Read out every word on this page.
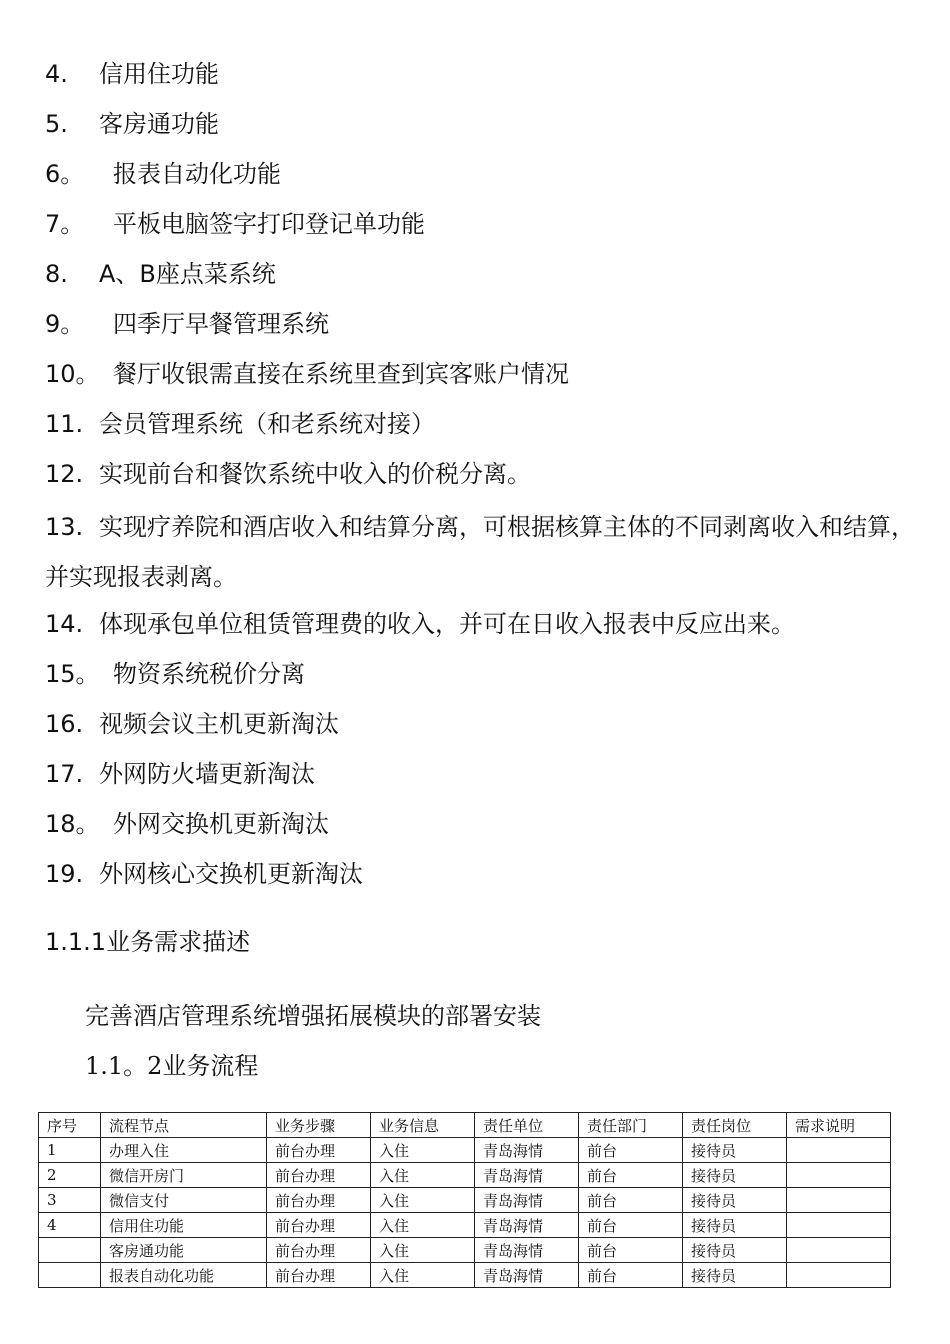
4. 信用住功能
5. 客房通功能
6。 报表自动化功能
7。 平板电脑签字打印登记单功能
8. A、B座点菜系统
9。 四季厅早餐管理系统
10。 餐厅收银需直接在系统里查到宾客账户情况
11. 会员管理系统（和老系统对接）
12. 实现前台和餐饮系统中收入的价税分离。
13. 实现疗养院和酒店收入和结算分离，可根据核算主体的不同剥离收入和结算，并实现报表剥离。
14. 体现承包单位租赁管理费的收入，并可在日收入报表中反应出来。
15。 物资系统税价分离
16. 视频会议主机更新淘汰
17. 外网防火墙更新淘汰
18。 外网交换机更新淘汰
19. 外网核心交换机更新淘汰
1.1.1业务需求描述
完善酒店管理系统增强拓展模块的部署安装
1.1。2业务流程
序号	流程节点	业务步骤	业务信息	责任单位	责任部门	责任岗位	需求说明
1	办理入住	前台办理	入住	青岛海情	前台	接待员	
2	微信开房门	前台办理	入住	青岛海情	前台	接待员	
3	微信支付	前台办理	入住	青岛海情	前台	接待员	
4	信用住功能	前台办理	入住	青岛海情	前台	接待员	
	客房通功能	前台办理	入住	青岛海情	前台	接待员	
	报表自动化功能	前台办理	入住	青岛海情	前台	接待员	
